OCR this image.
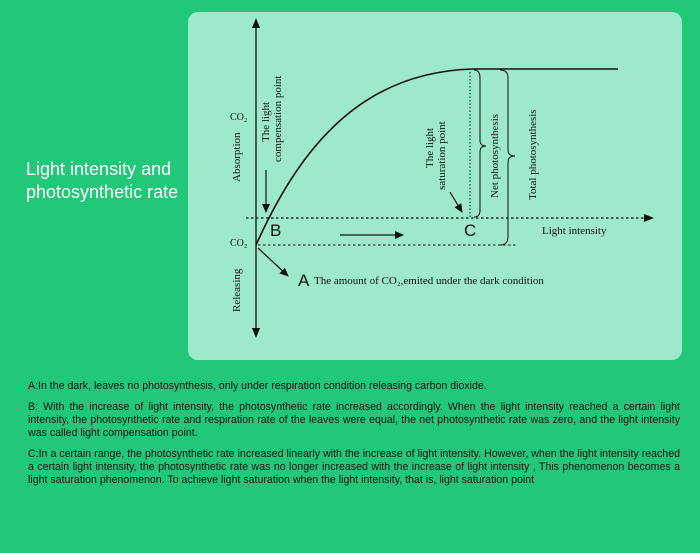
Light intensity and photosynthetic rate
Absorption
Releasing
The light compensation point	The light saturation point	Net photosynthesis Total photosynthesis
CO₂
CO₂
B	C
A
Light intensity
The amount of CO₂,emited under the dark condition

A:In the dark, leaves no photosynthesis, only under respiration condition releasing carbon dioxide.

B: With the increase of light intensity, the photosynthetic rate increased accordingly. When the light intensity reached a certain light intensity, the photosynthetic rate and respiration rate of the leaves were equal, the net photosynthetic rate was zero, and the light intensity was called light compensation point.

C:In a certain range, the photosynthetic rate increased linearly with the increase of light intensity. However, when the light intensity reached a certain light intensity, the photosynthetic rate was no longer increased with the increase of light intensity , This phenomenon becomes a light saturation phenomenon. To achieve light saturation when the light intensity, that is, light saturation point
